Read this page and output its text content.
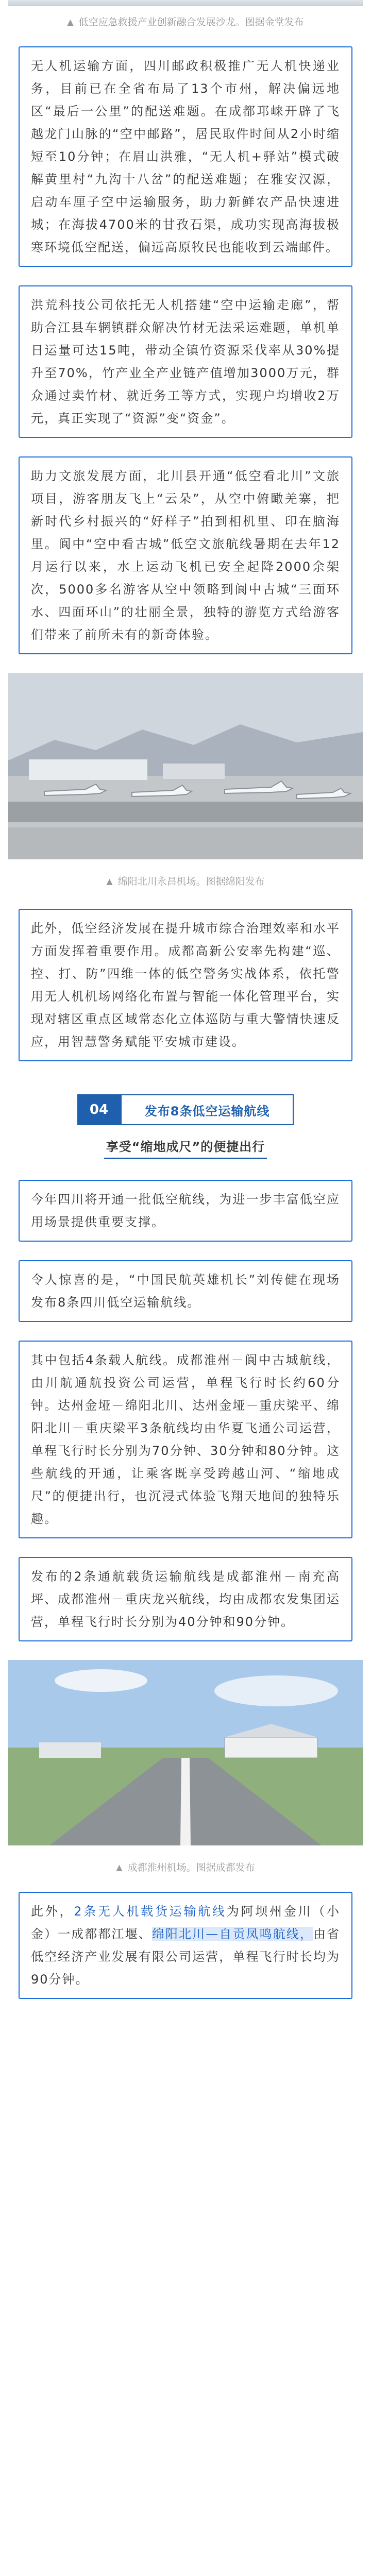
▲ 低空应急救援产业创新融合发展沙龙。图据金堂发布
无人机运输方面，四川邮政积极推广无人机快递业务，目前已在全省布局了13个市州，解决偏远地区“最后一公里”的配送难题。在成都邛崃开辟了飞越龙门山脉的“空中邮路”，居民取件时间从2小时缩短至10分钟；在眉山洪雅，“无人机+驿站”模式破解黄里村“九沟十八岔”的配送难题；在雅安汉源，启动车厘子空中运输服务，助力新鲜农产品快速进城；在海拔4700米的甘孜石渠，成功实现高海拔极寒环境低空配送，偏远高原牧民也能收到云端邮件。
洪荒科技公司依托无人机搭建“空中运输走廊”，帮助合江县车辋镇群众解决竹材无法采运难题，单机单日运量可达15吨，带动全镇竹资源采伐率从30%提升至70%，竹产业全产业链产值增加3000万元，群众通过卖竹材、就近务工等方式，实现户均增收2万元，真正实现了“资源”变“资金”。
助力文旅发展方面，北川县开通“低空看北川”文旅项目，游客朋友飞上“云朵”，从空中俯瞰羌寨，把新时代乡村振兴的“好样子”拍到相机里、印在脑海里。阆中“空中看古城”低空文旅航线暑期在去年12月运行以来，水上运动飞机已安全起降2000余架次，5000多名游客从空中领略到阆中古城“三面环水、四面环山”的壮丽全景，独特的游览方式给游客们带来了前所未有的新奇体验。
▲ 绵阳北川永昌机场。图据绵阳发布
此外，低空经济发展在提升城市综合治理效率和水平方面发挥着重要作用。成都高新公安率先构建“巡、控、打、防”四维一体的低空警务实战体系，依托警用无人机机场网络化布置与智能一体化管理平台，实现对辖区重点区域常态化立体巡防与重大警情快速反应，用智慧警务赋能平安城市建设。
04	发布8条低空运输航线
享受“缩地成尺”的便捷出行
今年四川将开通一批低空航线，为进一步丰富低空应用场景提供重要支撑。
令人惊喜的是，“中国民航英雄机长”刘传健在现场发布8条四川低空运输航线。
其中包括4条载人航线。成都淮州－阆中古城航线，由川航通航投资公司运营，单程飞行时长约60分钟。达州金垭－绵阳北川、达州金垭－重庆梁平、绵阳北川－重庆梁平3条航线均由华夏飞通公司运营，单程飞行时长分别为70分钟、30分钟和80分钟。这些航线的开通，让乘客既享受跨越山河、“缩地成尺”的便捷出行，也沉浸式体验飞翔天地间的独特乐趣。
发布的2条通航载货运输航线是成都淮州－南充高坪、成都淮州－重庆龙兴航线，均由成都农发集团运营，单程飞行时长分别为40分钟和90分钟。
▲ 成都淮州机场。图据成都发布
此外，2条无人机载货运输航线为阿坝州金川（小金）一成都都江堰、绵阳北川—自贡凤鸣航线，由省低空经济产业发展有限公司运营，单程飞行时长均为90分钟。
